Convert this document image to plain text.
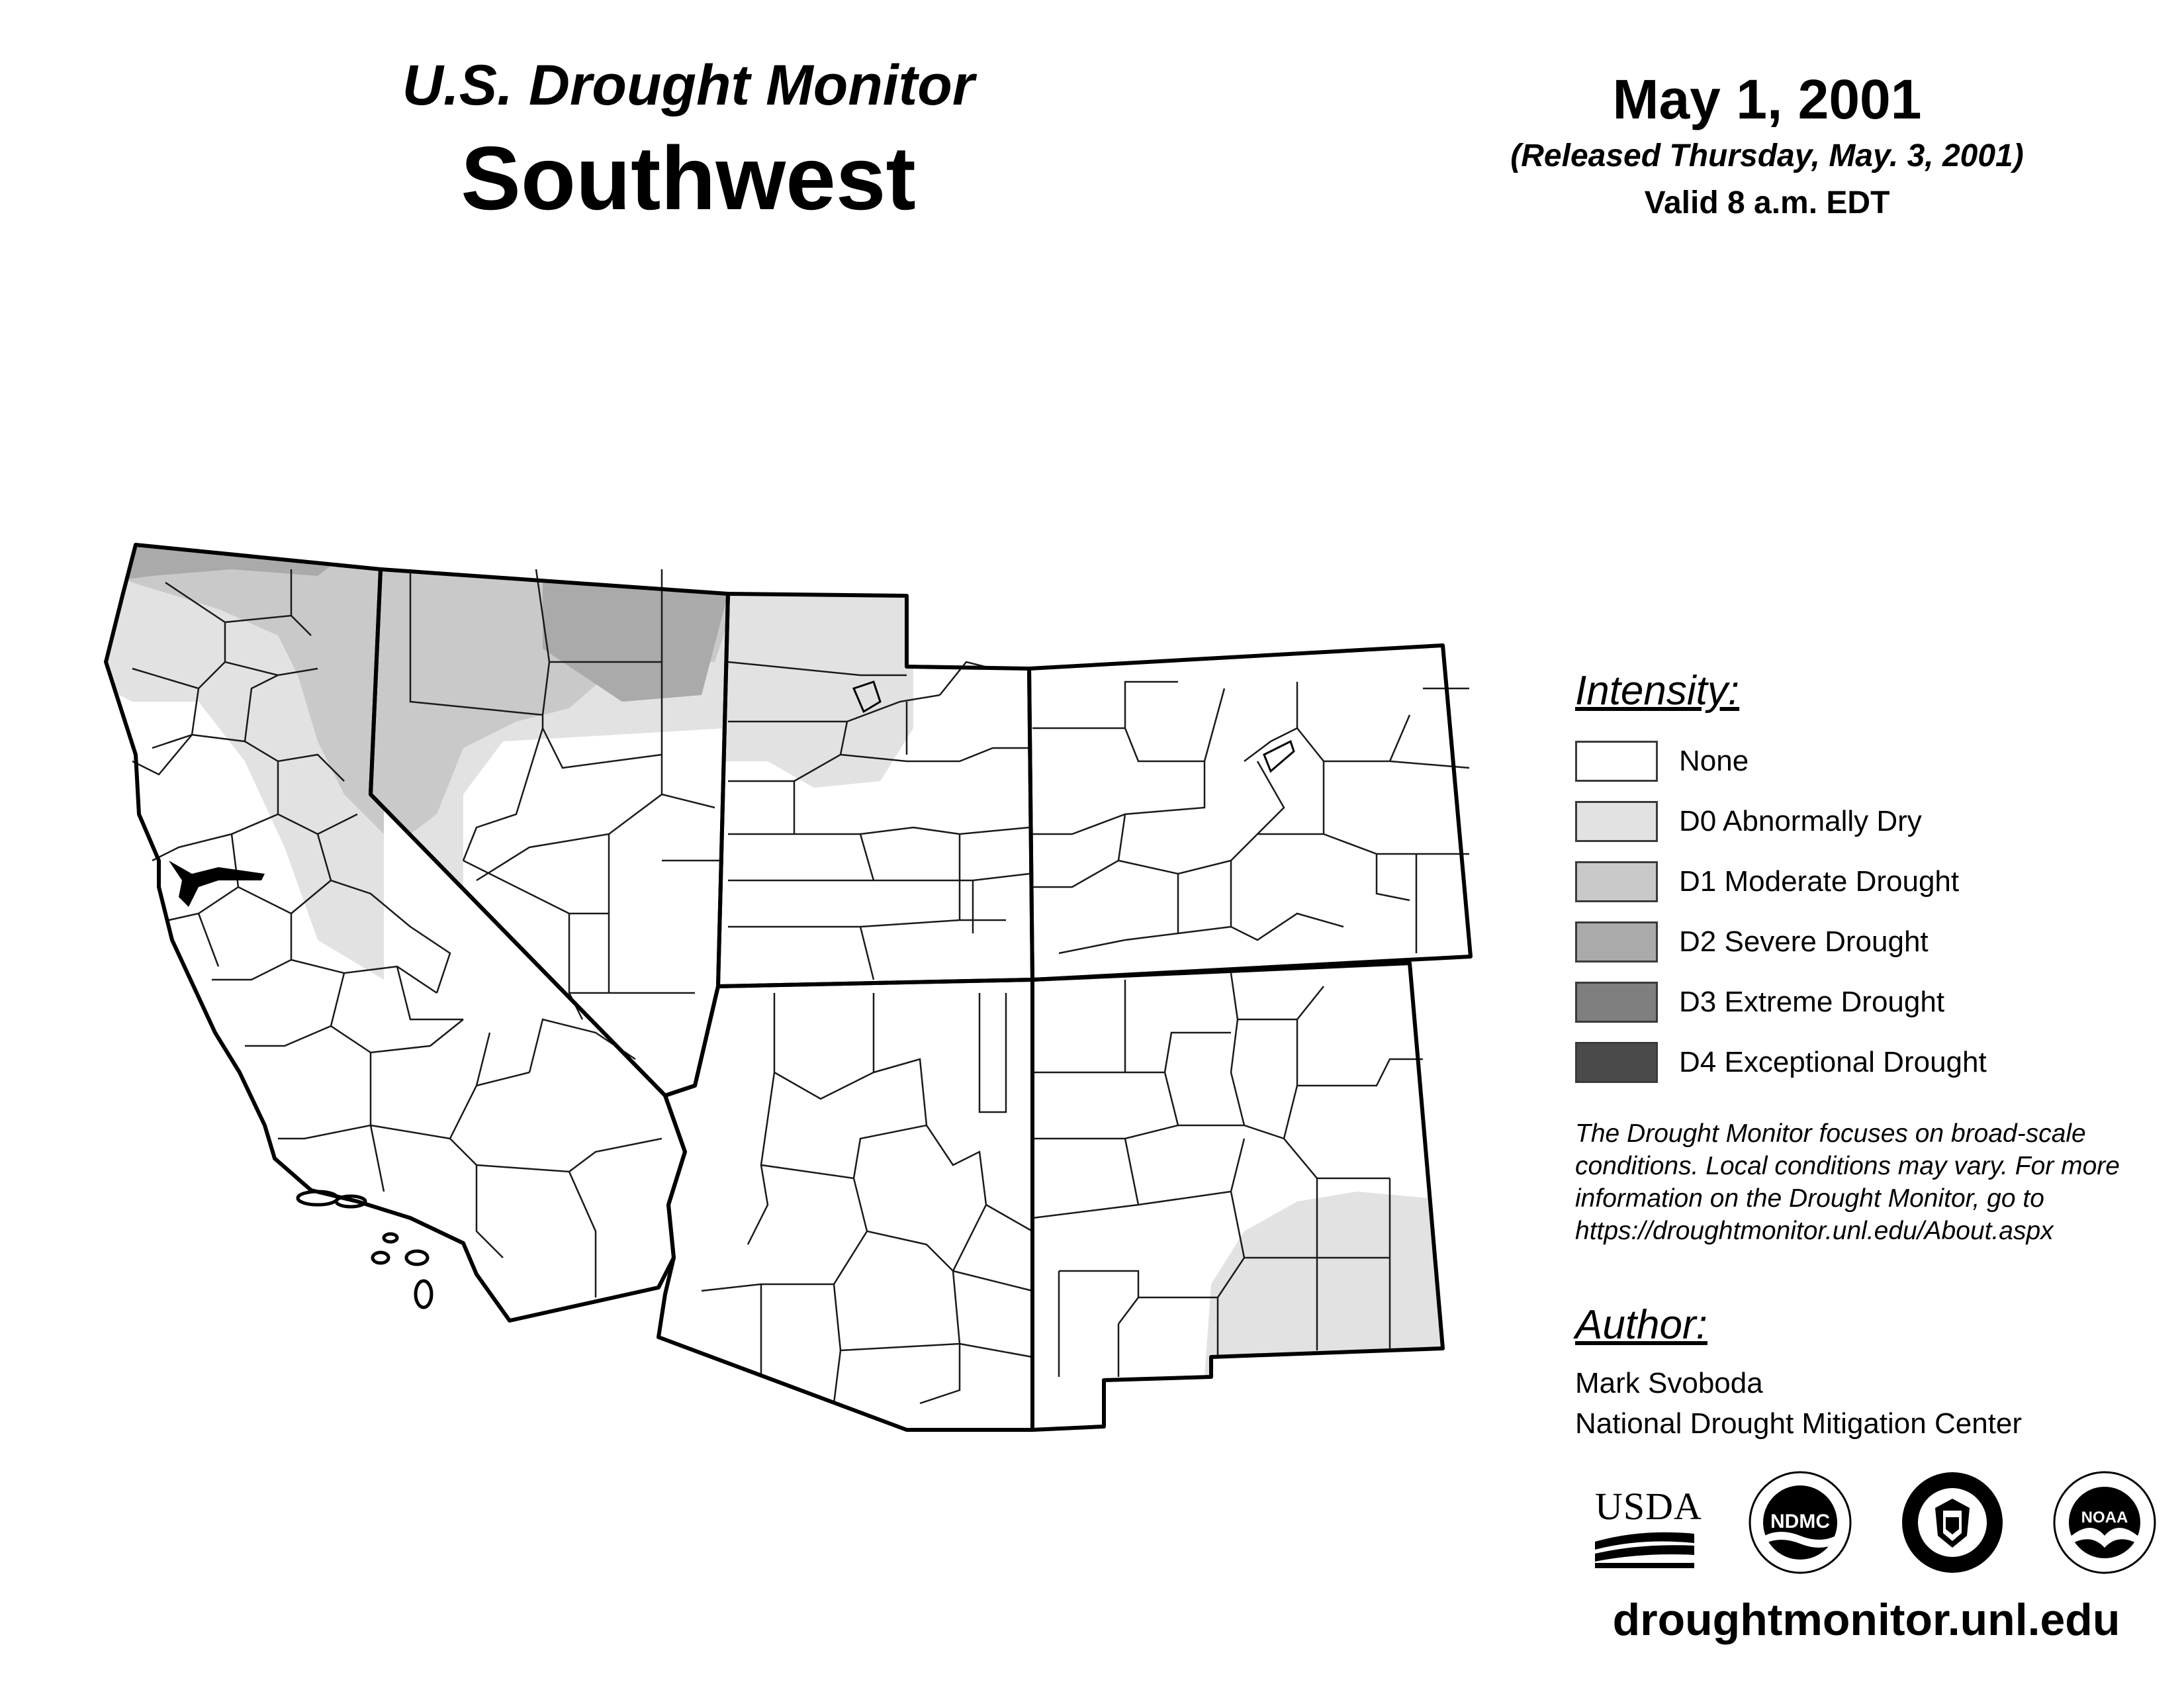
U.S. Drought Monitor
Southwest
May 1, 2001
(Released Thursday, May. 3, 2001)
Valid 8 a.m. EDT
Intensity:
None
D0 Abnormally Dry
D1 Moderate Drought
D2 Severe Drought
D3 Extreme Drought
D4 Exceptional Drought
The Drought Monitor focuses on broad-scale
conditions. Local conditions may vary. For more
information on the Drought Monitor, go to
https://droughtmonitor.unl.edu/About.aspx
Author:
Mark Svoboda
National Drought Mitigation Center
USDA	NDMC	NOAA
droughtmonitor.unl.edu
